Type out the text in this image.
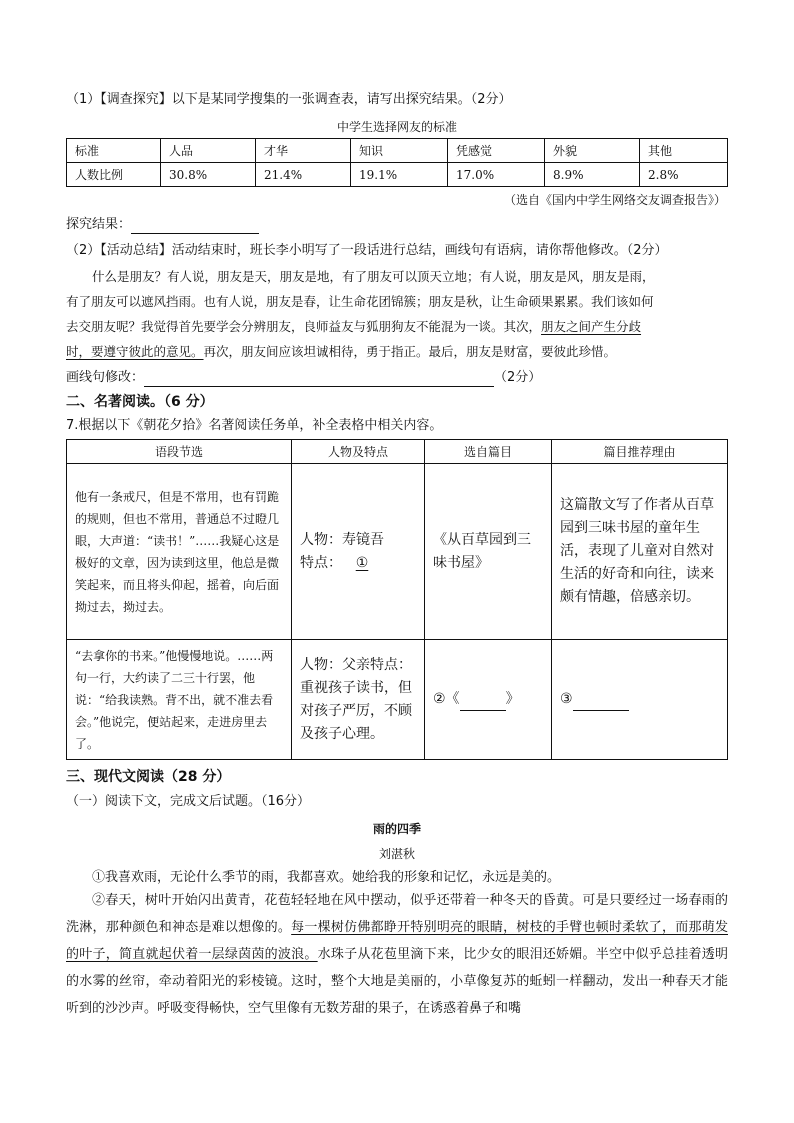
（1）【调查探究】以下是某同学搜集的一张调查表，请写出探究结果。（2分）
中学生选择网友的标准
标准	人品	才华	知识	凭感觉	外貌	其他
人数比例	30.8%	21.4%	19.1%	17.0%	8.9%	2.8%
（选自《国内中学生网络交友调查报告》）
探究结果：
（2）【活动总结】活动结束时，班长李小明写了一段话进行总结，画线句有语病，请你帮他修改。（2分）
什么是朋友？有人说，朋友是天，朋友是地，有了朋友可以顶天立地；有人说，朋友是风，朋友是雨，
有了朋友可以遮风挡雨。也有人说，朋友是春，让生命花团锦簇；朋友是秋，让生命硕果累累。我们该如何
去交朋友呢？我觉得首先要学会分辨朋友，良师益友与狐朋狗友不能混为一谈。其次，朋友之间产生分歧
时，要遵守彼此的意见。再次，朋友间应该坦诚相待，勇于指正。最后，朋友是财富，要彼此珍惜。
画线句修改：	（2分）
二、名著阅读。（6 分）
7.根据以下《朝花夕拾》名著阅读任务单，补全表格中相关内容。
语段节选	人物及特点	选自篇目	篇目推荐理由
他有一条戒尺，但是不常用，也有罚跪的规则，但也不常用，普通总不过瞪几眼，大声道：“读书！”……我疑心这是极好的文章，因为读到这里，他总是微笑起来，而且将头仰起，摇着，向后面拗过去，拗过去。	人物：寿镜吾
特点： ①	《从百草园到三味书屋》	这篇散文写了作者从百草园到三味书屋的童年生活，表现了儿童对自然对生活的好奇和向往，读来颇有情趣，倍感亲切。
“去拿你的书来。”他慢慢地说。……两句一行，大约读了二三十行罢，他说：“给我读熟。背不出，就不准去看会。”他说完，便站起来，走进房里去了。	人物：父亲特点：重视孩子读书，但对孩子严厉，不顾及孩子心理。	②《 》	③
三、现代文阅读（28 分）
（一）阅读下文，完成文后试题。（16分）
雨的四季
刘湛秋
①我喜欢雨，无论什么季节的雨，我都喜欢。她给我的形象和记忆，永远是美的。
②春天，树叶开始闪出黄青，花苞轻轻地在风中摆动，似乎还带着一种冬天的昏黄。可是只要经过一场春雨的洗淋，那种颜色和神态是难以想像的。每一棵树仿佛都睁开特别明亮的眼睛，树枝的手臂也顿时柔软了，而那萌发的叶子，简直就起伏着一层绿茵茵的波浪。水珠子从花苞里滴下来，比少女的眼泪还娇媚。半空中似乎总挂着透明的水雾的丝帘，牵动着阳光的彩棱镜。这时，整个大地是美丽的，小草像复苏的蚯蚓一样翻动，发出一种春天才能听到的沙沙声。呼吸变得畅快，空气里像有无数芳甜的果子，在诱惑着鼻子和嘴
